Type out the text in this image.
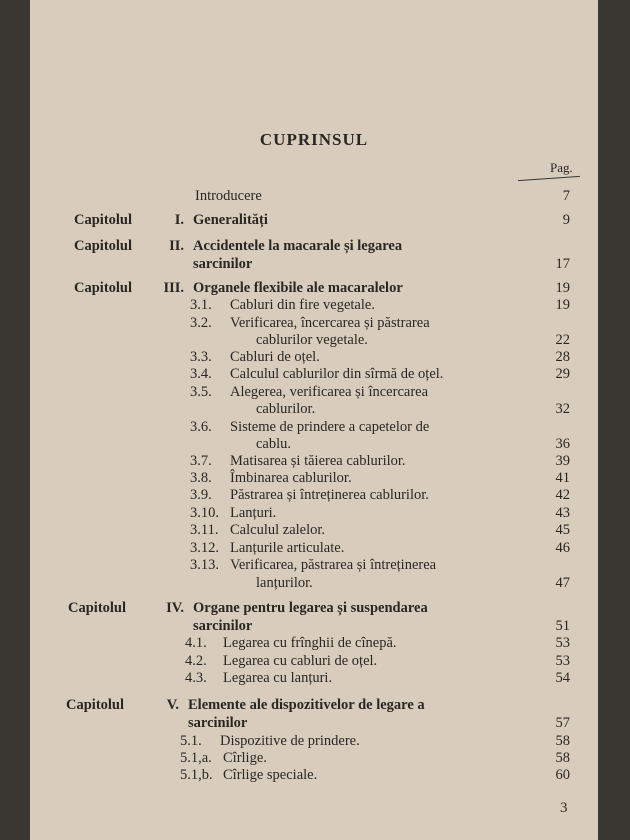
CUPRINSUL
Pag.
Introducere	7
Capitolul	I. Generalități	9
Capitolul	II. Accidentele la macarale și legarea
sarcinilor	17
Capitolul	III. Organele flexibile ale macaralelor	19
3.1. Cabluri din fire vegetale.	19
3.2. Verificarea, încercarea și păstrarea
cablurilor vegetale.	22
3.3. Cabluri de oțel.	28
3.4. Calculul cablurilor din sîrmă de oțel.	29
3.5. Alegerea, verificarea și încercarea
cablurilor.	32
3.6. Sisteme de prindere a capetelor de
cablu.	36
3.7. Matisarea și tăierea cablurilor.	39
3.8. Îmbinarea cablurilor.	41
3.9. Păstrarea și întreținerea cablurilor.	42
3.10. Lanțuri.	43
3.11. Calculul zalelor.	45
3.12. Lanțurile articulate.	46
3.13. Verificarea, păstrarea și întreținerea
lanțurilor.	47
Capitolul	IV. Organe pentru legarea și suspendarea
sarcinilor	51
4.1. Legarea cu frînghii de cînepă.	53
4.2. Legarea cu cabluri de oțel.	53
4.3. Legarea cu lanțuri.	54
Capitolul	V. Elemente ale dispozitivelor de legare a
sarcinilor	57
5.1. Dispozitive de prindere.	58
5.1,a. Cîrlige.	58
5.1,b. Cîrlige speciale.	60
3
